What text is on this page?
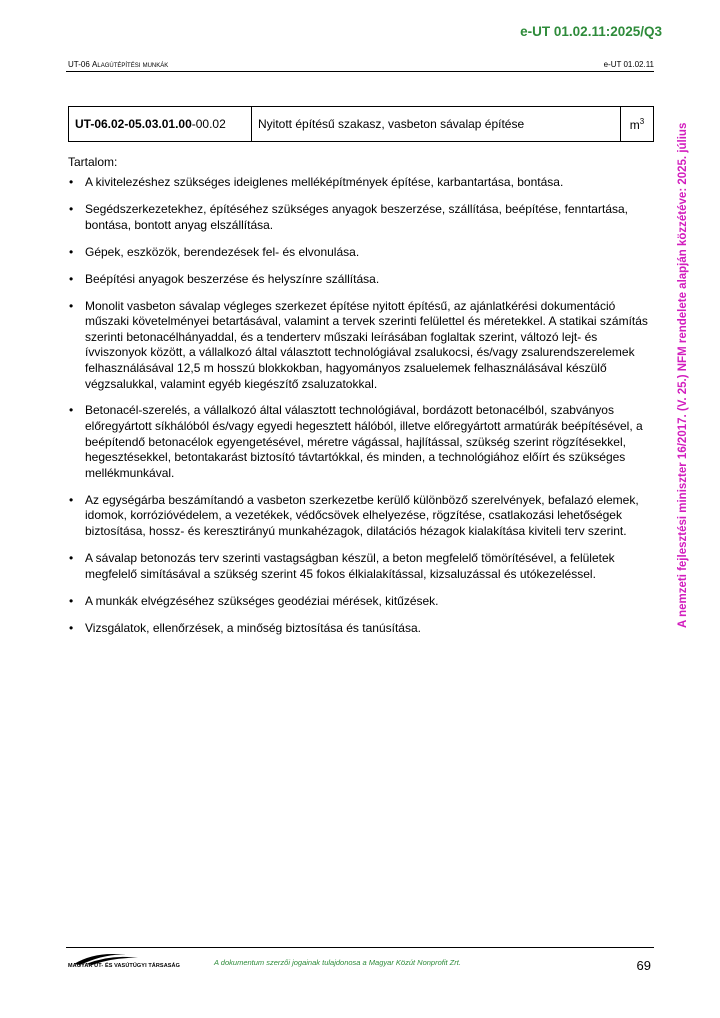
e-UT 01.02.11:2025/Q3
UT-06 Alagútépítési munkák	e-UT 01.02.11
A nemzeti fejlesztési miniszter 16/2017. (V. 25.) NFM rendelete alapján közzétéve: 2025. július
UT-06.02-05.03.01.00-00.02	Nyitott építésű szakasz, vasbeton sávalap építése	$m^3$
Tartalom:
• A kivitelezéshez szükséges ideiglenes melléképítmények építése, karbantartása, bontása.
• Segédszerkezetekhez, építéséhez szükséges anyagok beszerzése, szállítása, beépítése, fenntartása, bontása, bontott anyag elszállítása.
• Gépek, eszközök, berendezések fel- és elvonulása.
• Beépítési anyagok beszerzése és helyszínre szállítása.
• Monolit vasbeton sávalap végleges szerkezet építése nyitott építésű, az ajánlatkérési dokumentáció műszaki követelményei betartásával, valamint a tervek szerinti felülettel és méretekkel. A statikai számítás szerinti betonacélhányaddal, és a tenderterv műszaki leírásában foglaltak szerint, változó lejt- és ívviszonyok között, a vállalkozó által választott technológiával zsalukocsi, és/vagy zsalurendszerelemek felhasználásával 12,5 m hosszú blokkokban, hagyományos zsaluelemek felhasználásával készülő végzsalukkal, valamint egyéb kiegészítő zsaluzatokkal.
• Betonacél-szerelés, a vállalkozó által választott technológiával, bordázott betonacélból, szabványos előregyártott síkhálóból és/vagy egyedi hegesztett hálóból, illetve előregyártott armatúrák beépítésével, a beépítendő betonacélok egyengetésével, méretre vágással, hajlítással, szükség szerint rögzítésekkel, hegesztésekkel, betontakarást biztosító távtartókkal, és minden, a technológiához előírt és szükséges mellékmunkával.
• Az egységárba beszámítandó a vasbeton szerkezetbe kerülő különböző szerelvények, befalazó elemek, idomok, korrózióvédelem, a vezetékek, védőcsövek elhelyezése, rögzítése, csatlakozási lehetőségek biztosítása, hossz- és keresztirányú munkahézagok, dilatációs hézagok kialakítása kiviteli terv szerint.
• A sávalap betonozás terv szerinti vastagságban készül, a beton megfelelő tömörítésével, a felületek megfelelő simításával a szükség szerint 45 fokos élkialakítással, kizsaluzással és utókezeléssel.
• A munkák elvégzéséhez szükséges geodéziai mérések, kitűzések.
• Vizsgálatok, ellenőrzések, a minőség biztosítása és tanúsítása.
MAGYAR ÚT- ÉS VASÚTÜGYI TÁRSASÁG	A dokumentum szerzői jogainak tulajdonosa a Magyar Közút Nonprofit Zrt.	69
